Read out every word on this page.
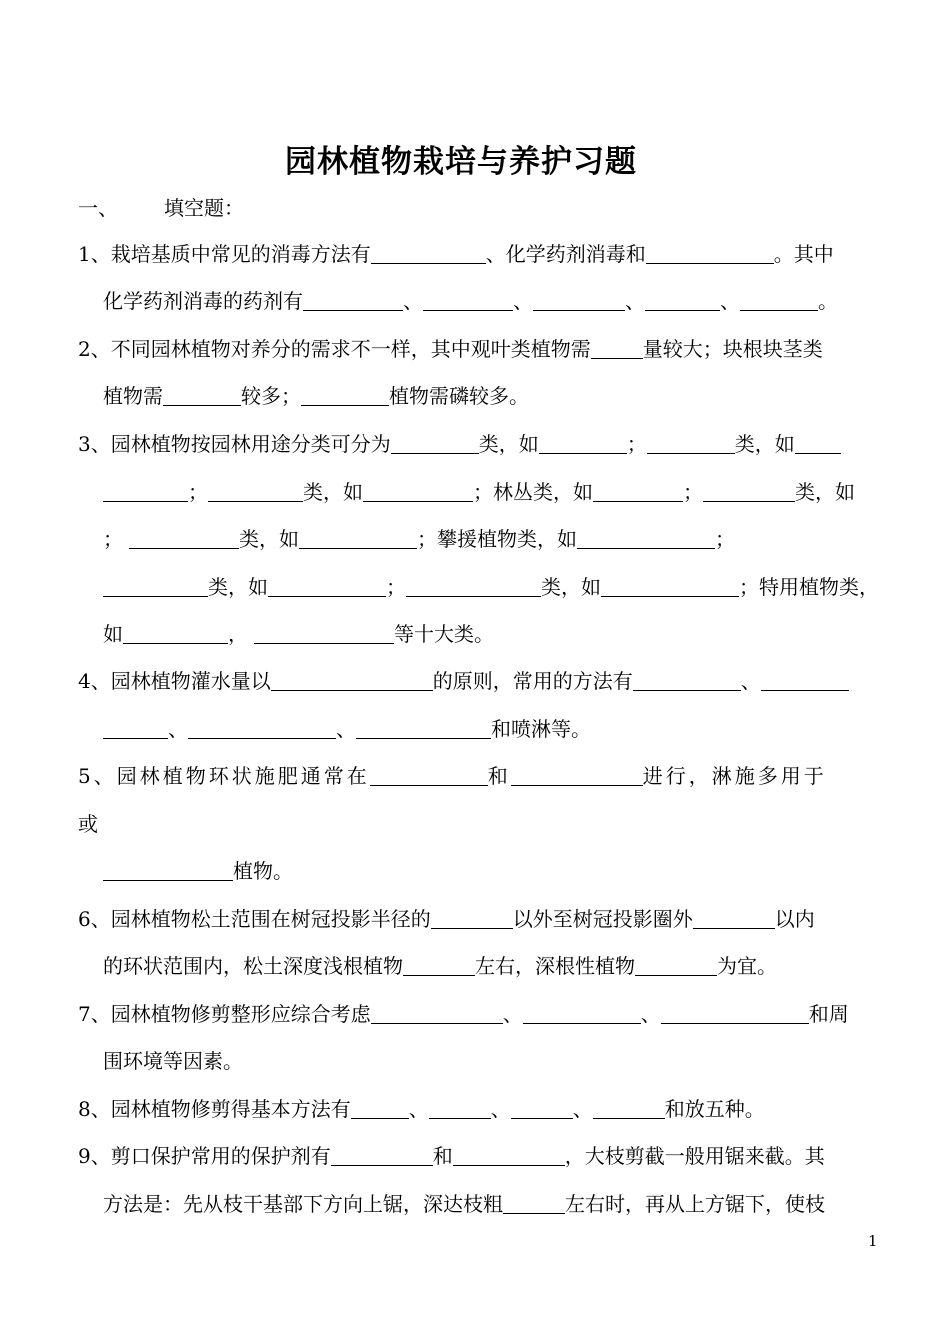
园林植物栽培与养护习题
一、 填空题：
1、栽培基质中常见的消毒方法有	、化学药剂消毒和	。其中
化学药剂消毒的药剂有	、	、	、	、	。
2、不同园林植物对养分的需求不一样，其中观叶类植物需	量较大；块根块茎类
植物需	较多；	植物需磷较多。
3、园林植物按园林用途分类可分为	类，如	；	类，如
；	类，如	；林丛类，如	；	类，如
；	类，如	；攀援植物类，如	；
类，如	；	类，如	；特用植物类，
如	，	等十大类。
4、园林植物灌水量以	的原则，常用的方法有	、
、	、	和喷淋等。
5、园林植物环状施肥通常在	和	进行，淋施多用于
或
植物。
6、园林植物松土范围在树冠投影半径的	以外至树冠投影圈外	以内
的环状范围内，松土深度浅根植物	左右，深根性植物	为宜。
7、园林植物修剪整形应综合考虑	、	、	和周
围环境等因素。
8、园林植物修剪得基本方法有	、	、	、	和放五种。
9、剪口保护常用的保护剂有	和	，大枝剪截一般用锯来截。其
方法是：先从枝干基部下方向上锯，深达枝粗	左右时，再从上方锯下，使枝
1
